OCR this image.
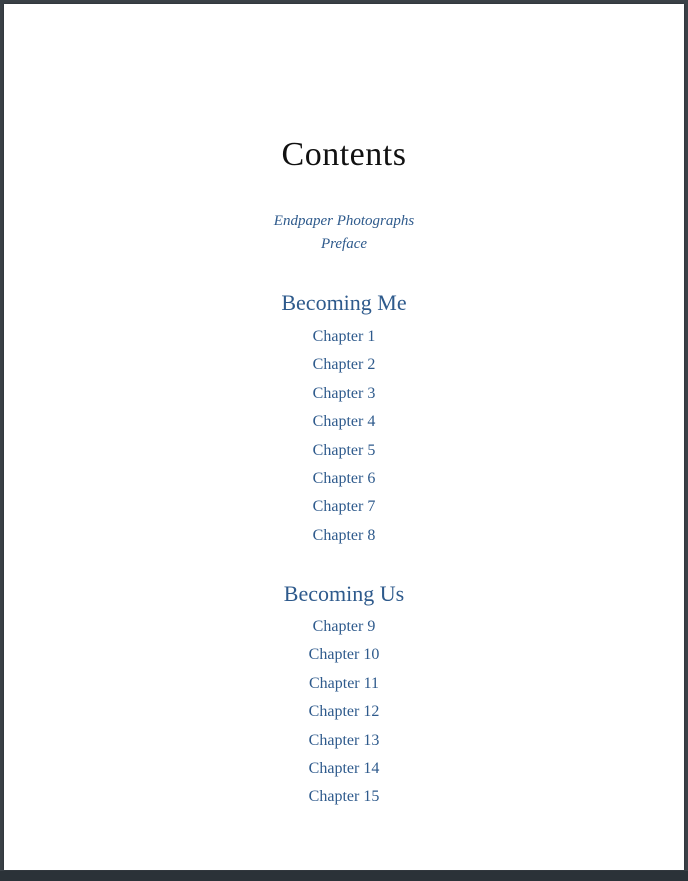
Contents
Endpaper Photographs
Preface
Becoming Me
Chapter 1
Chapter 2
Chapter 3
Chapter 4
Chapter 5
Chapter 6
Chapter 7
Chapter 8
Becoming Us
Chapter 9
Chapter 10
Chapter 11
Chapter 12
Chapter 13
Chapter 14
Chapter 15
